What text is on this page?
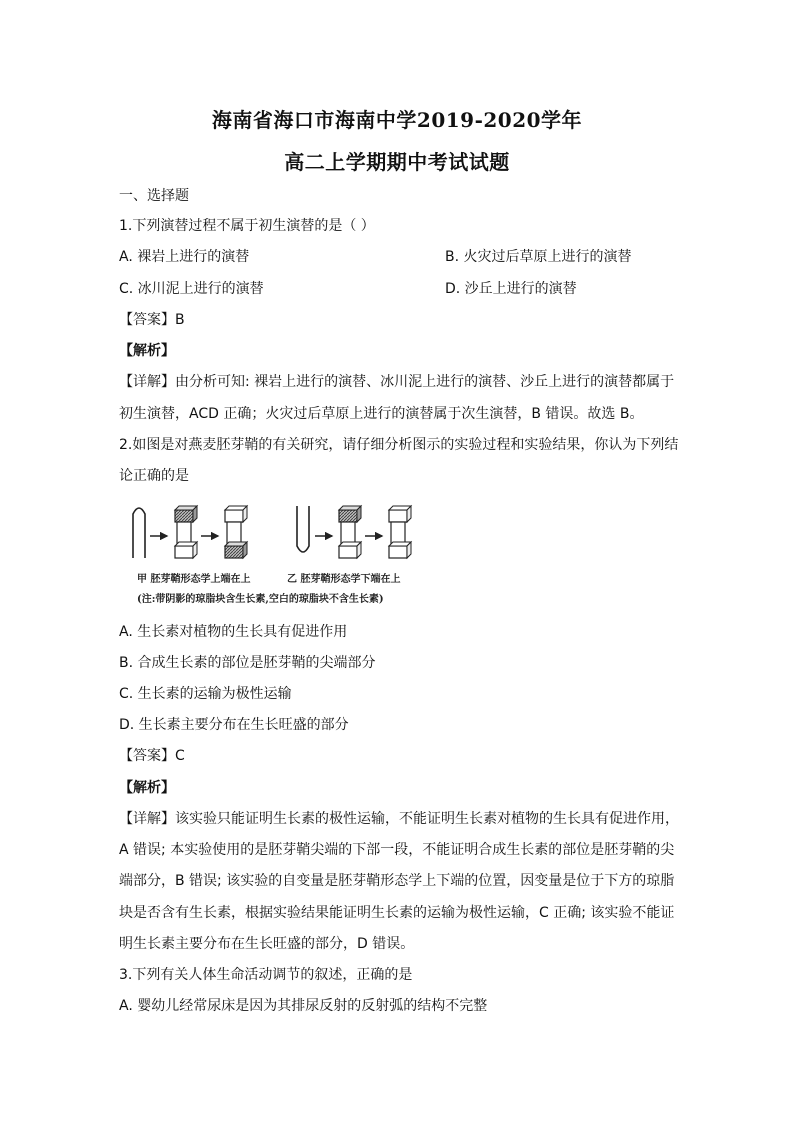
海南省海口市海南中学2019-2020学年
高二上学期期中考试试题
一、选择题
1.下列演替过程不属于初生演替的是（ ）
A. 裸岩上进行的演替	B. 火灾过后草原上进行的演替
C. 冰川泥上进行的演替	D. 沙丘上进行的演替
【答案】B
【解析】
【详解】由分析可知: 裸岩上进行的演替、冰川泥上进行的演替、沙丘上进行的演替都属于
初生演替，ACD 正确；火灾过后草原上进行的演替属于次生演替，B 错误。故选 B。
2.如图是对燕麦胚芽鞘的有关研究，请仔细分析图示的实验过程和实验结果，你认为下列结
论正确的是
甲 胚芽鞘形态学上端在上	乙 胚芽鞘形态学下端在上
(注:带阴影的琼脂块含生长素,空白的琼脂块不含生长素)
A. 生长素对植物的生长具有促进作用
B. 合成生长素的部位是胚芽鞘的尖端部分
C. 生长素的运输为极性运输
D. 生长素主要分布在生长旺盛的部分
【答案】C
【解析】
【详解】该实验只能证明生长素的极性运输，不能证明生长素对植物的生长具有促进作用，
A 错误; 本实验使用的是胚芽鞘尖端的下部一段，不能证明合成生长素的部位是胚芽鞘的尖
端部分，B 错误; 该实验的自变量是胚芽鞘形态学上下端的位置，因变量是位于下方的琼脂
块是否含有生长素，根据实验结果能证明生长素的运输为极性运输，C 正确; 该实验不能证
明生长素主要分布在生长旺盛的部分，D 错误。
3.下列有关人体生命活动调节的叙述，正确的是
A. 婴幼儿经常尿床是因为其排尿反射的反射弧的结构不完整
